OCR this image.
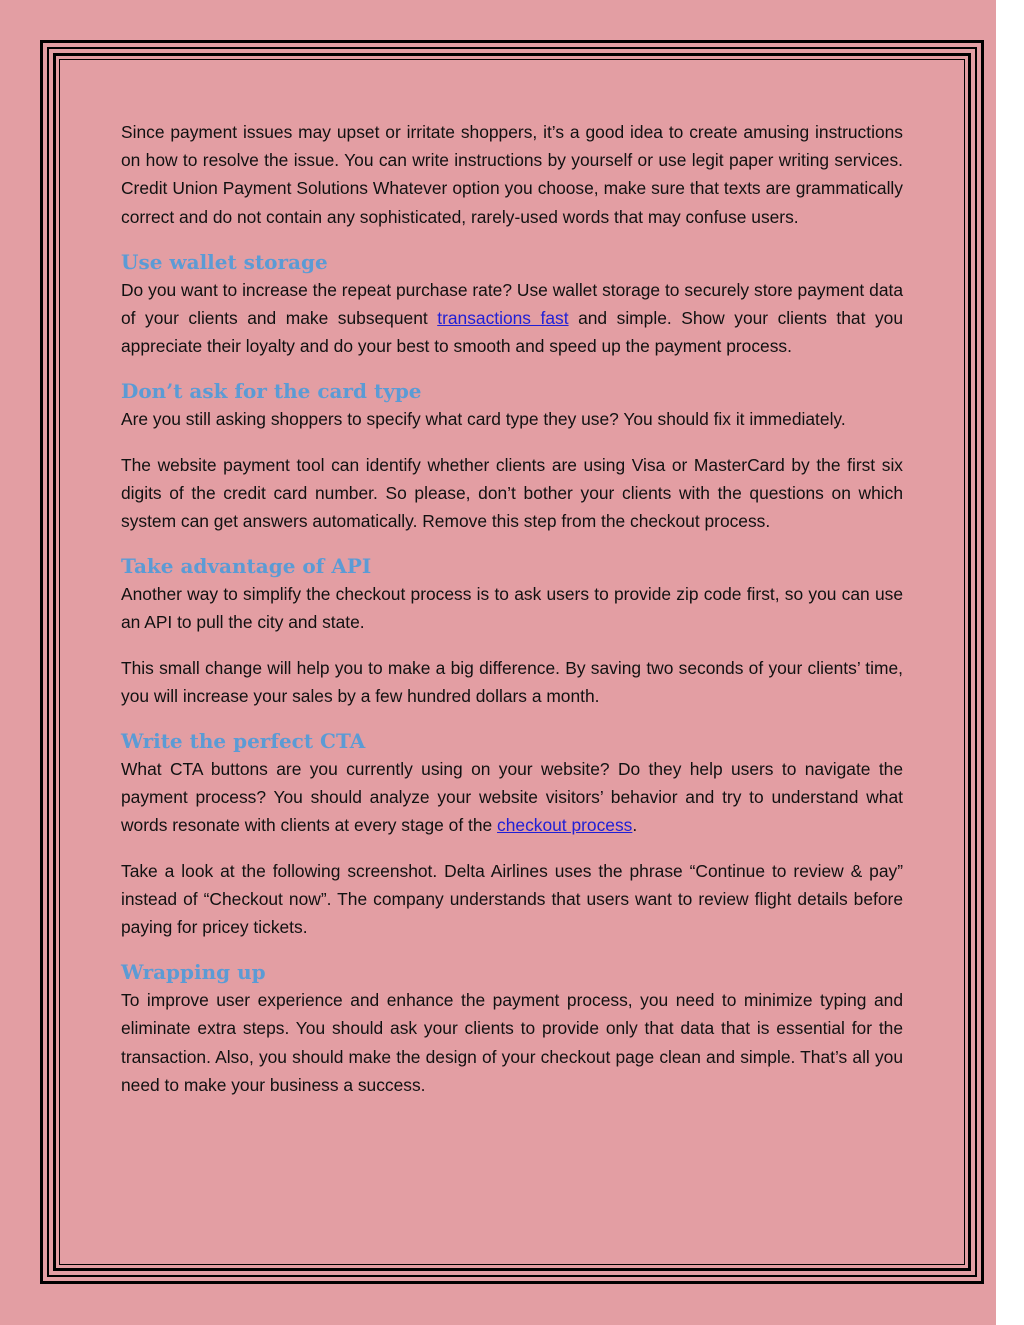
Since payment issues may upset or irritate shoppers, it’s a good idea to create amusing instructions on how to resolve the issue. You can write instructions by yourself or use legit paper writing services. Credit Union Payment Solutions Whatever option you choose, make sure that texts are grammatically correct and do not contain any sophisticated, rarely-used words that may confuse users.

Use wallet storage

Do you want to increase the repeat purchase rate? Use wallet storage to securely store payment data of your clients and make subsequent transactions fast and simple. Show your clients that you appreciate their loyalty and do your best to smooth and speed up the payment process.

Don’t ask for the card type

Are you still asking shoppers to specify what card type they use? You should fix it immediately.

The website payment tool can identify whether clients are using Visa or MasterCard by the first six digits of the credit card number. So please, don’t bother your clients with the questions on which system can get answers automatically. Remove this step from the checkout process.

Take advantage of API

Another way to simplify the checkout process is to ask users to provide zip code first, so you can use an API to pull the city and state.

This small change will help you to make a big difference. By saving two seconds of your clients’ time, you will increase your sales by a few hundred dollars a month.

Write the perfect CTA

What CTA buttons are you currently using on your website? Do they help users to navigate the payment process? You should analyze your website visitors’ behavior and try to understand what words resonate with clients at every stage of the checkout process.

Take a look at the following screenshot. Delta Airlines uses the phrase “Continue to review & pay” instead of “Checkout now”. The company understands that users want to review flight details before paying for pricey tickets.

Wrapping up

To improve user experience and enhance the payment process, you need to minimize typing and eliminate extra steps. You should ask your clients to provide only that data that is essential for the transaction. Also, you should make the design of your checkout page clean and simple. That’s all you need to make your business a success.
